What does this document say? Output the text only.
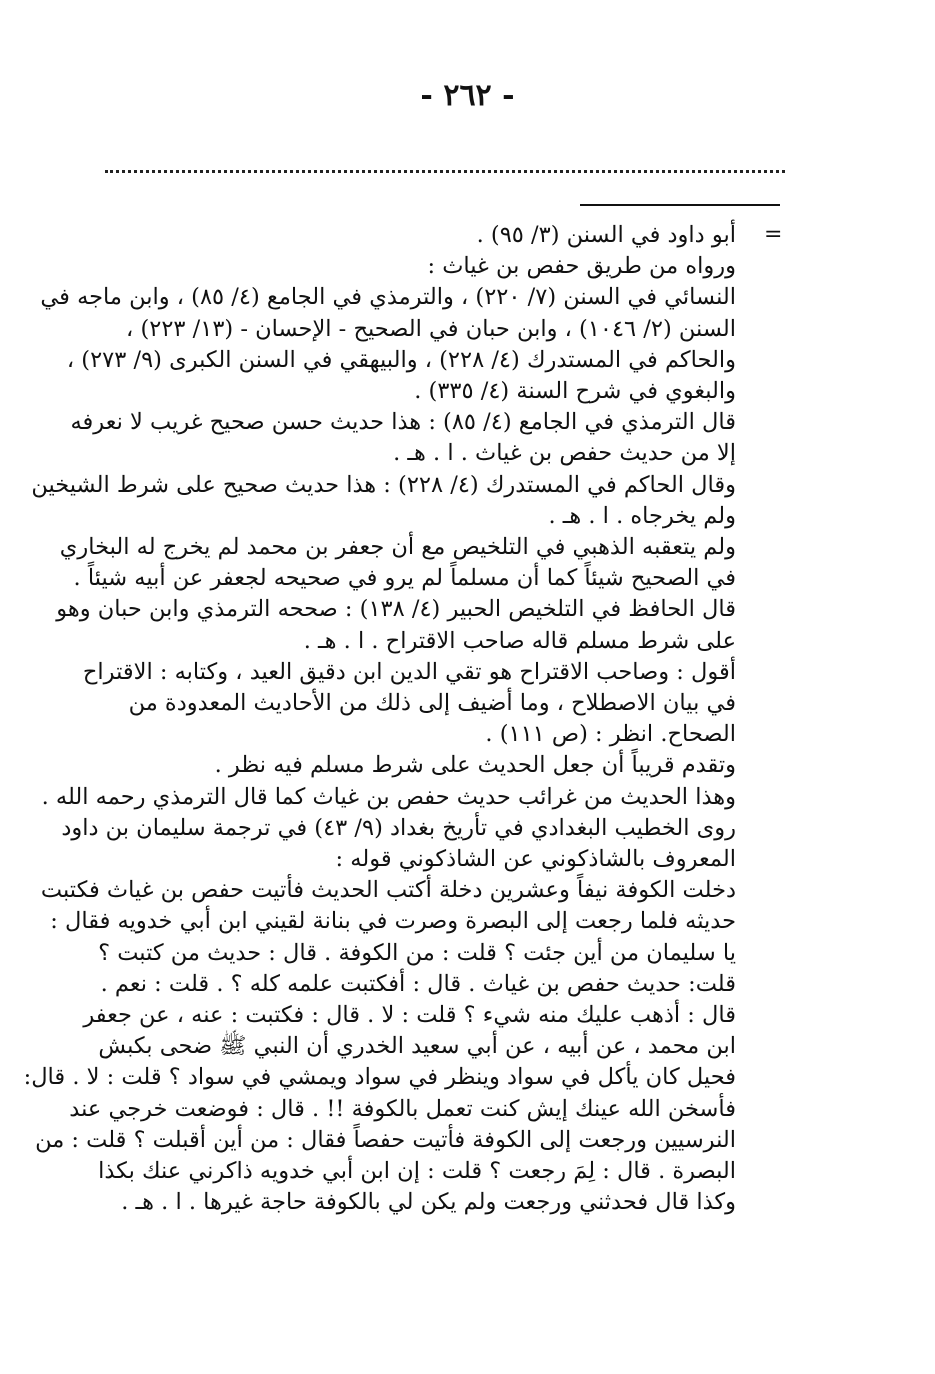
- ٢٦٢ -
=
أبو داود في السنن (٣/ ٩٥) .
ورواه من طريق حفص بن غياث :
النسائي في السنن (٧/ ٢٢٠) ، والترمذي في الجامع (٤/ ٨٥) ، وابن ماجه في
السنن (٢/ ١٠٤٦) ، وابن حبان في الصحيح - الإحسان - (١٣/ ٢٢٣) ،
والحاكم في المستدرك (٤/ ٢٢٨) ، والبيهقي في السنن الكبرى (٩/ ٢٧٣) ،
والبغوي في شرح السنة (٤/ ٣٣٥) .
قال الترمذي في الجامع (٤/ ٨٥) : هذا حديث حسن صحيح غريب لا نعرفه
إلا من حديث حفص بن غياث . ا . هـ .
وقال الحاكم في المستدرك (٤/ ٢٢٨) : هذا حديث صحيح على شرط الشيخين
ولم يخرجاه . ا . هـ .
ولم يتعقبه الذهبي في التلخيص مع أن جعفر بن محمد لم يخرج له البخاري
في الصحيح شيئاً كما أن مسلماً لم يرو في صحيحه لجعفر عن أبيه شيئاً .
قال الحافظ في التلخيص الحبير (٤/ ١٣٨) : صححه الترمذي وابن حبان وهو
على شرط مسلم قاله صاحب الاقتراح . ا . هـ .
أقول : وصاحب الاقتراح هو تقي الدين ابن دقيق العيد ، وكتابه : الاقتراح
في بيان الاصطلاح ، وما أضيف إلى ذلك من الأحاديث المعدودة من
الصحاح. انظر : (ص ١١١) .
وتقدم قريباً أن جعل الحديث على شرط مسلم فيه نظر .
وهذا الحديث من غرائب حديث حفص بن غياث كما قال الترمذي رحمه الله .
روى الخطيب البغدادي في تأريخ بغداد (٩/ ٤٣) في ترجمة سليمان بن داود
المعروف بالشاذكوني عن الشاذكوني قوله :
دخلت الكوفة نيفاً وعشرين دخلة أكتب الحديث فأتيت حفص بن غياث فكتبت
حديثه فلما رجعت إلى البصرة وصرت في بنانة لقيني ابن أبي خدويه فقال :
يا سليمان من أين جئت ؟ قلت : من الكوفة . قال : حديث من كتبت ؟
قلت: حديث حفص بن غياث . قال : أفكتبت علمه كله ؟ . قلت : نعم .
قال : أذهب عليك منه شيء ؟ قلت : لا . قال : فكتبت : عنه ، عن جعفر
ابن محمد ، عن أبيه ، عن أبي سعيد الخدري أن النبي ﷺ ضحى بكبش
فحيل كان يأكل في سواد وينظر في سواد ويمشي في سواد ؟ قلت : لا . قال:
فأسخن الله عينك إيش كنت تعمل بالكوفة !! . قال : فوضعت خرجي عند
النرسيين ورجعت إلى الكوفة فأتيت حفصاً فقال : من أين أقبلت ؟ قلت : من
البصرة . قال : لِمَ رجعت ؟ قلت : إن ابن أبي خدويه ذاكرني عنك بكذا
وكذا قال فحدثني ورجعت ولم يكن لي بالكوفة حاجة غيرها . ا . هـ .
